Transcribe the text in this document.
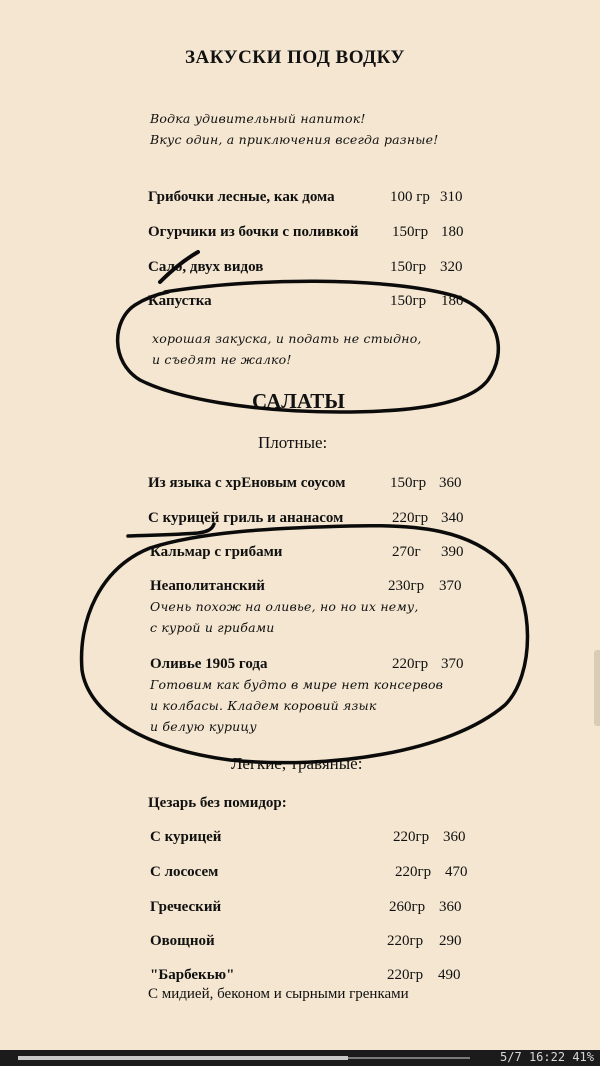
ЗАКУСКИ ПОД ВОДКУ
Водка удивительный напиток!
Вкус один, а приключения всегда разные!
Грибочки лесные, как дома	100 гр 310
Огурчики из бочки с поливкой 150гр 180
Сало, двух видов	150гр 320
Капустка	150гр 180
хорошая закуска, и подать не стыдно,
и съедят не жалко!
САЛАТЫ
Плотные:
Из языка с хрЕновым соусом	150гр 360
С курицей гриль и ананасом	220гр 340
Кальмар с грибами	270г 390
Неаполитанский	230гр 370
Очень похож на оливье, но но их нему,
с курой и грибами
Оливье 1905 года	220гр 370
Готовим как будто в мире нет консервов
и колбасы. Кладем коровий язык
и белую курицу
Легкие, травяные:
Цезарь без помидор:
С курицей	220гр 360
С лососем	220гр 470
Греческий	260гр 360
Овощной	220гр 290
"Барбекью"	220гр 490
С мидией, беконом и сырными гренками
5/7 16:22 41%
